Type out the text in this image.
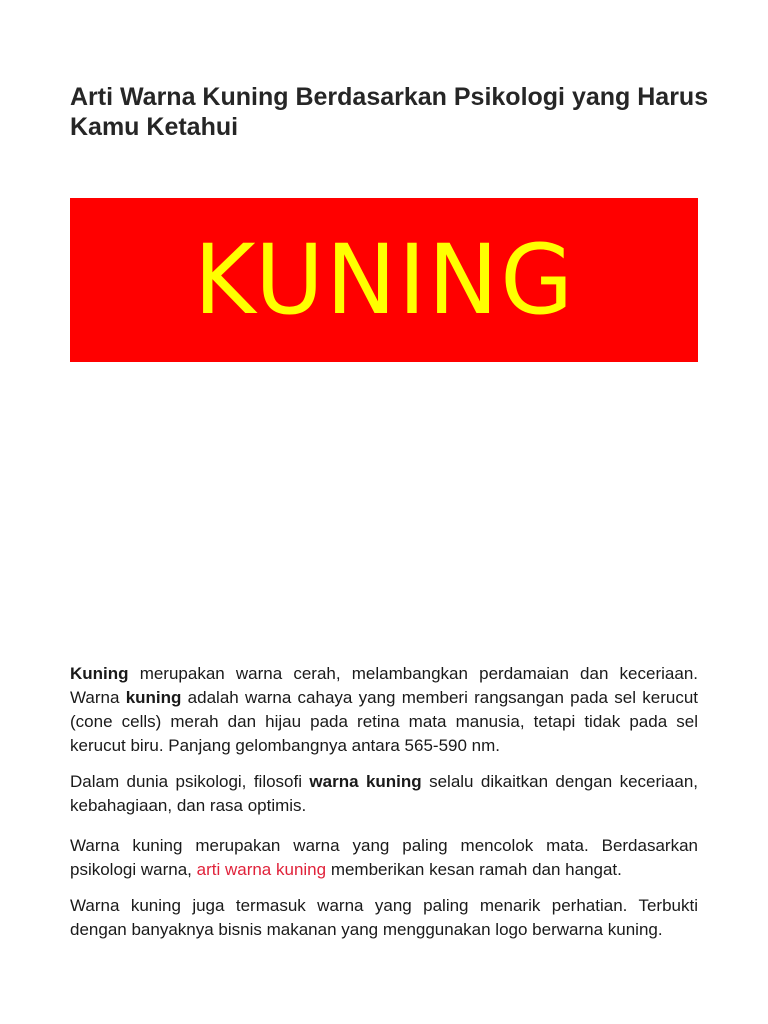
Arti Warna Kuning Berdasarkan Psikologi yang Harus Kamu Ketahui
KUNING

Kuning merupakan warna cerah, melambangkan perdamaian dan keceriaan. Warna kuning adalah warna cahaya yang memberi rangsangan pada sel kerucut (cone cells) merah dan hijau pada retina mata manusia, tetapi tidak pada sel kerucut biru. Panjang gelombangnya antara 565-590 nm.

Dalam dunia psikologi, filosofi warna kuning selalu dikaitkan dengan keceriaan, kebahagiaan, dan rasa optimis.

Warna kuning merupakan warna yang paling mencolok mata. Berdasarkan psikologi warna, arti warna kuning memberikan kesan ramah dan hangat.

Warna kuning juga termasuk warna yang paling menarik perhatian. Terbukti dengan banyaknya bisnis makanan yang menggunakan logo berwarna kuning.
